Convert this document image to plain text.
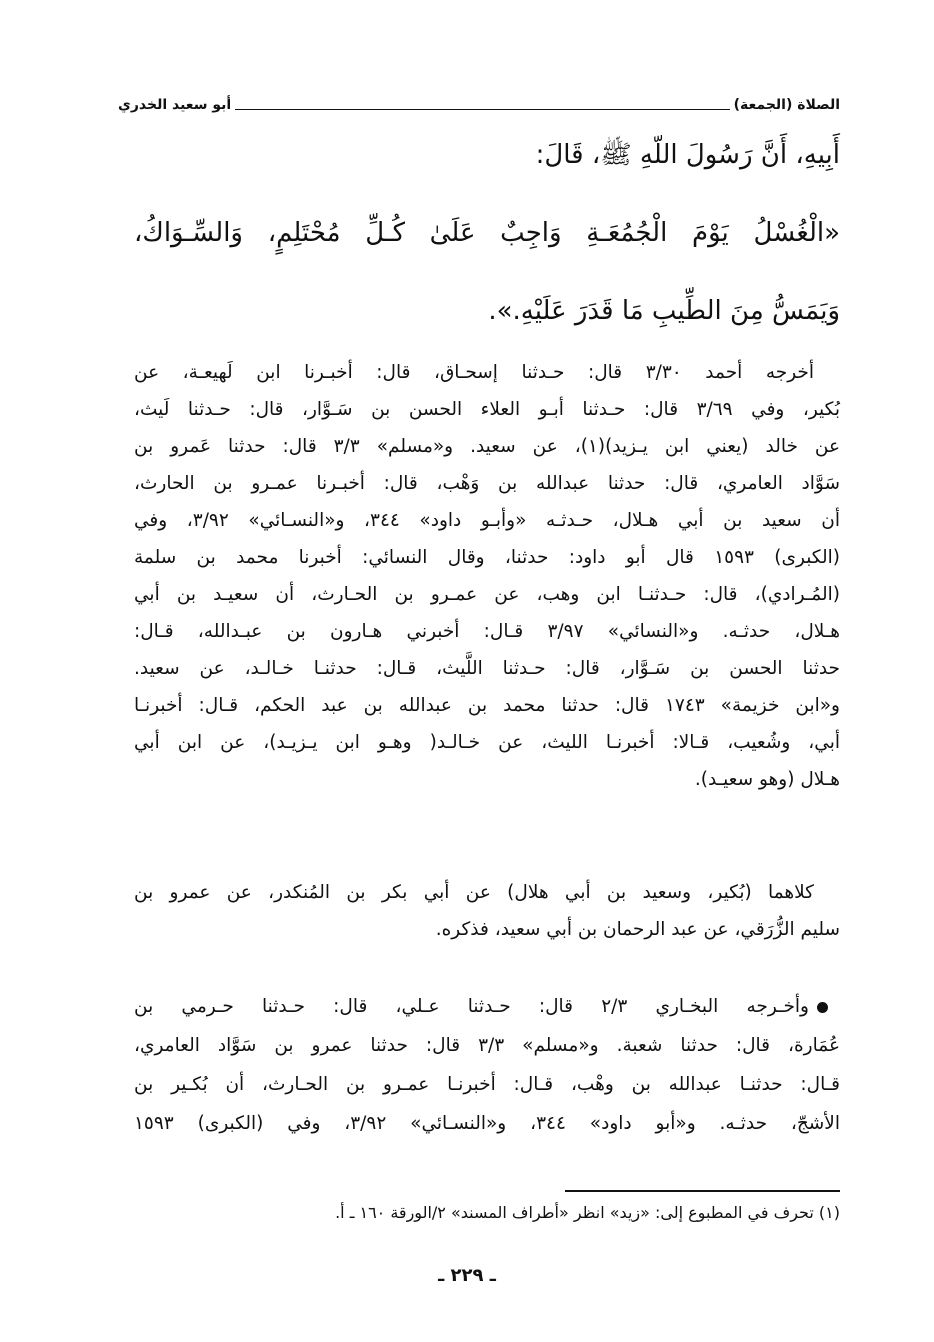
الصلاة (الجمعة)
أبو سعيد الخدري
أَبِيهِ، أَنَّ رَسُولَ اللّهِ ﷺ، قَالَ:
«الْغُسْلُ يَوْمَ الْجُمُعَـةِ وَاجِبٌ عَلَىٰ كُـلِّ مُحْتَلِمٍ، وَالسِّـوَاكُ،
وَيَمَسُّ مِنَ الطِّيبِ مَا قَدَرَ عَلَيْهِ.».
أخرجه أحمد ٣/٣٠ قال: حـدثنا إسحـاق، قال: أخبـرنا ابن لَهيعـة، عن
بُكير، وفي ٣/٦٩ قال: حـدثنا أبـو العلاء الحسن بن سَـوَّار، قال: حـدثنا لَيث،
عن خالد (يعني ابن يـزيد)(١)، عن سعيد. و«مسلم» ٣/٣ قال: حدثنا عَمرو بن
سَوَّاد العامري، قال: حدثنا عبدالله بن وَهْب، قال: أخبـرنا عمـرو بن الحارث،
أن سعيد بن أبي هـلال، حـدثـه «وأبـو داود» ٣٤٤، و«النسـائي» ٣/٩٢، وفي
(الكبرى) ١٥٩٣ قال أبو داود: حدثنا، وقال النسائي: أخبرنا محمد بن سلمة
(المُـرادي)، قال: حـدثنـا ابن وهب، عن عمـرو بن الحـارث، أن سعيـد بن أبي
هـلال، حدثـه. و«النسائي» ٣/٩٧ قـال: أخبرني هـارون بن عبـدالله، قـال:
حدثنا الحسن بن سَـوَّار، قال: حـدثنا اللَّيث، قـال: حدثنـا خـالـد، عن سعيد.
و«ابن خزيمة» ١٧٤٣ قال: حدثنا محمد بن عبدالله بن عبد الحكم، قـال: أخبرنـا
أبي، وشُعيب، قـالا: أخبرنـا الليث، عن خـالـد( وهـو ابن يـزيـد)، عن ابن أبي
هـلال (وهو سعيـد).
كلاهما (بُكير، وسعيد بن أبي هلال) عن أبي بكر بن المُنكدر، عن عمرو بن
سليم الزُّرَقي، عن عبد الرحمان بن أبي سعيد، فذكره.
وأخـرجه البخـاري ٢/٣ قال: حـدثنا عـلي، قال: حـدثنا حـرمي بن
عُمَارة، قال: حدثنا شعبة. و«مسلم» ٣/٣ قال: حدثنا عمرو بن سَوَّاد العامري،
قـال: حدثنـا عبدالله بن وهْب، قـال: أخبرنـا عمـرو بن الحـارث، أن بُكـير بن
الأشجّ، حدثـه. و«أبو داود» ٣٤٤، و«النسـائي» ٣/٩٢، وفي (الكبرى) ١٥٩٣
(١) تحرف في المطبوع إلى: «زيد» انظر «أطراف المسند» ٢/الورقة ١٦٠ ـ أ.
ـ ٢٢٩ ـ
